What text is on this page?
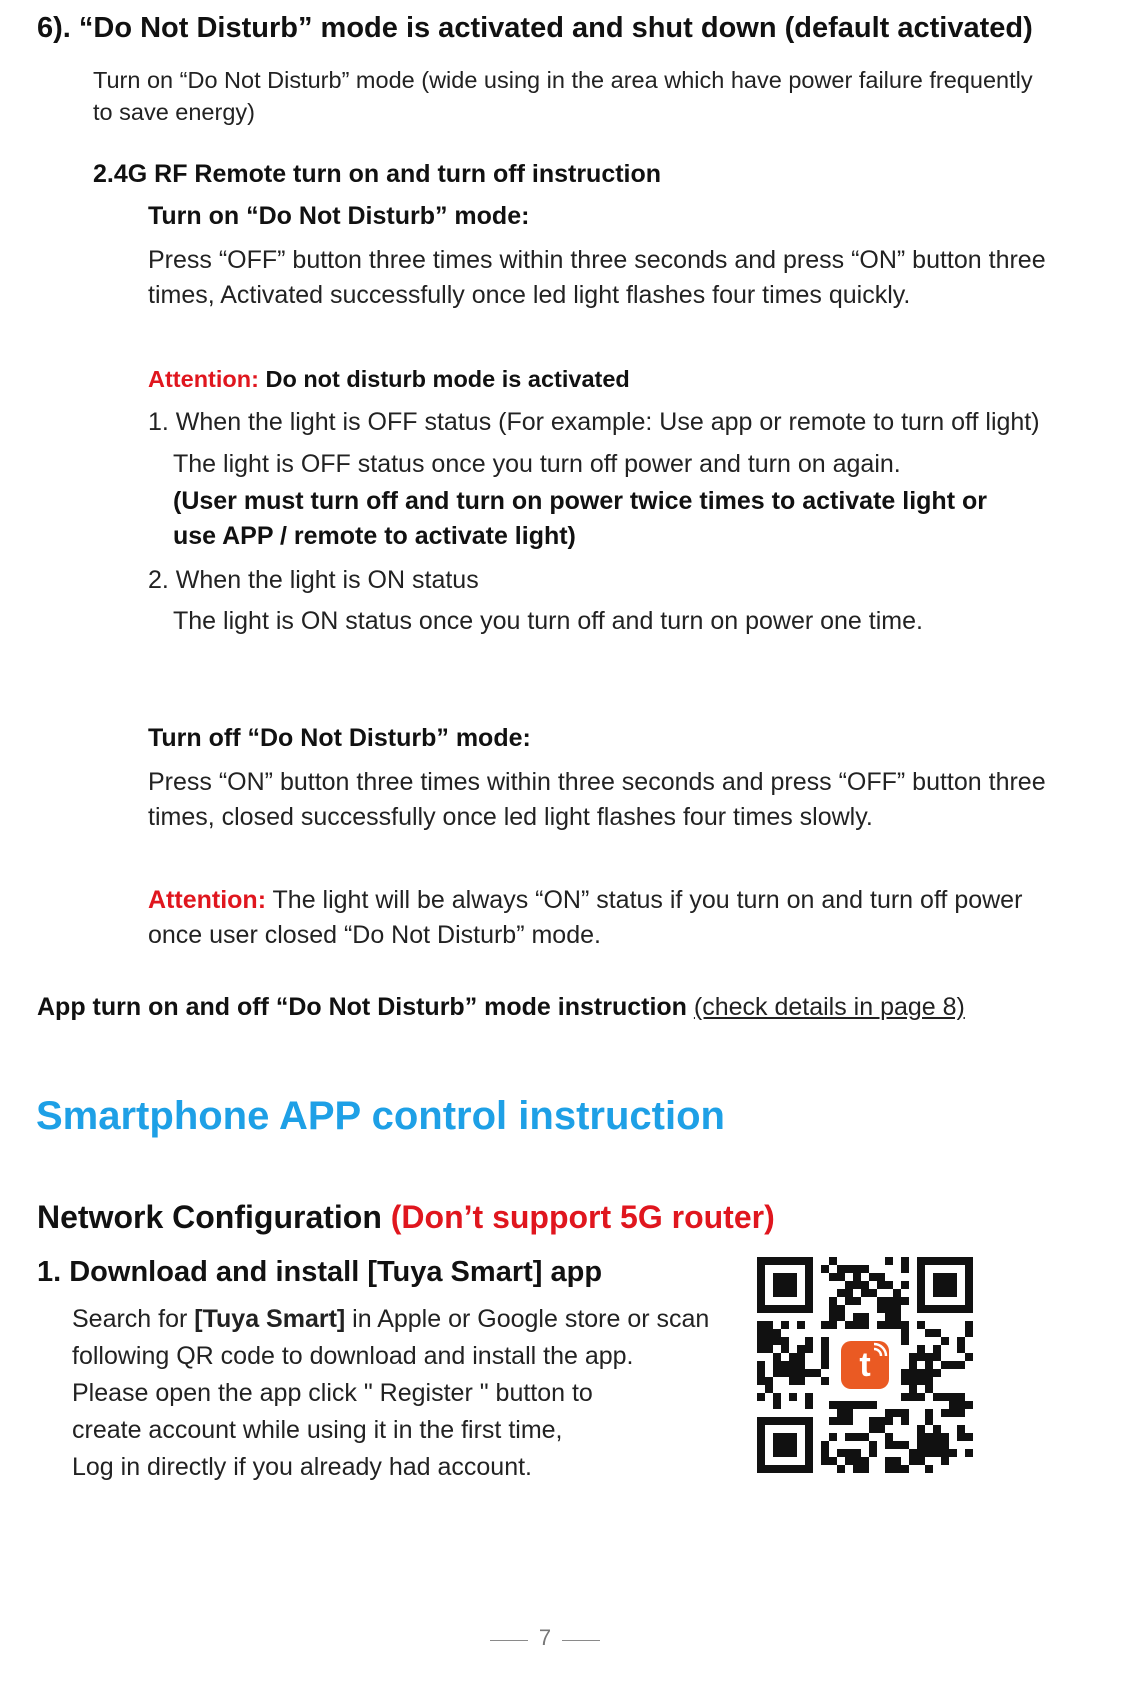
6). “Do Not Disturb” mode is activated and shut down (default activated)
Turn on “Do Not Disturb” mode (wide using in the area which have power failure frequently to save energy)
2.4G RF Remote turn on and turn off instruction
Turn on “Do Not Disturb” mode:
Press “OFF” button three times within three seconds and press “ON” button three times, Activated successfully once led light flashes four times quickly.
Attention: Do not disturb mode is activated
1. When the light is OFF status (For example: Use app or remote to turn off light)
The light is OFF status once you turn off power and turn on again.
(User must turn off and turn on power twice times to activate light or use APP / remote to activate light)
2. When the light is ON status
The light is ON status once you turn off and turn on power one time.
Turn off “Do Not Disturb” mode:
Press “ON” button three times within three seconds and press “OFF” button three times, closed successfully once led light flashes four times slowly.
Attention: The light will be always “ON” status if you turn on and turn off power once user closed “Do Not Disturb” mode.
App turn on and off “Do Not Disturb” mode instruction (check details in page 8)
Smartphone APP control instruction
Network Configuration (Don’t support 5G router)
1. Download and install [Tuya Smart] app
Search for [Tuya Smart] in Apple or Google store or scan following QR code to download and install the app.
Please open the app click " Register " button to
create account while using it in the first time,
Log in directly if you already had account.
t
7
